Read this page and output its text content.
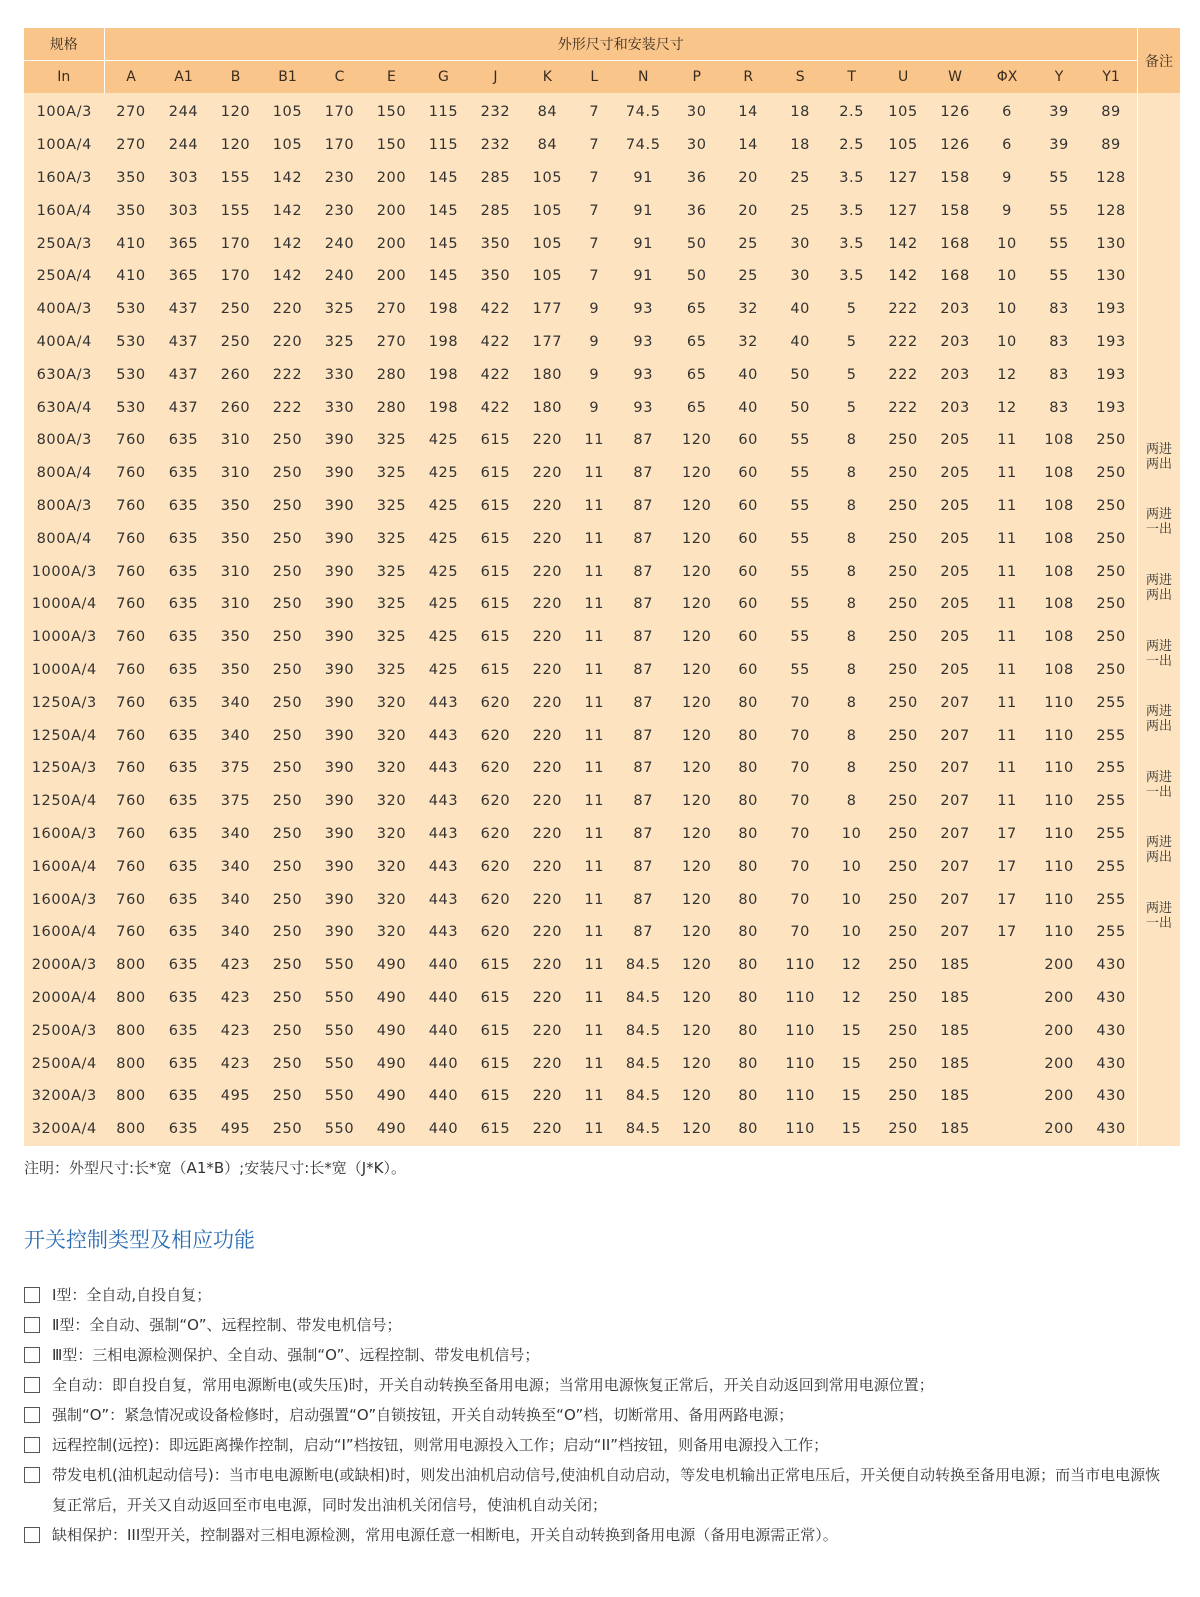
规格	外形尺寸和安装尺寸																				备注
In	A	A1	B	B1	C	E	G	J	K	L	N	P	R	S	T	U	W	ΦX	Y	Y1	
100A/3	270	244	120	105	170	150	115	232	84	7	74.5	30	14	18	2.5	105	126	6	39	89	
100A/4	270	244	120	105	170	150	115	232	84	7	74.5	30	14	18	2.5	105	126	6	39	89	
160A/3	350	303	155	142	230	200	145	285	105	7	91	36	20	25	3.5	127	158	9	55	128	
160A/4	350	303	155	142	230	200	145	285	105	7	91	36	20	25	3.5	127	158	9	55	128	
250A/3	410	365	170	142	240	200	145	350	105	7	91	50	25	30	3.5	142	168	10	55	130	
250A/4	410	365	170	142	240	200	145	350	105	7	91	50	25	30	3.5	142	168	10	55	130	
400A/3	530	437	250	220	325	270	198	422	177	9	93	65	32	40	5	222	203	10	83	193	
400A/4	530	437	250	220	325	270	198	422	177	9	93	65	32	40	5	222	203	10	83	193	
630A/3	530	437	260	222	330	280	198	422	180	9	93	65	40	50	5	222	203	12	83	193	
630A/4	530	437	260	222	330	280	198	422	180	9	93	65	40	50	5	222	203	12	83	193	
800A/3	760	635	310	250	390	325	425	615	220	11	87	120	60	55	8	250	205	11	108	250	两进两出
800A/4	760	635	310	250	390	325	425	615	220	11	87	120	60	55	8	250	205	11	108	250	
800A/3	760	635	350	250	390	325	425	615	220	11	87	120	60	55	8	250	205	11	108	250	两进一出
800A/4	760	635	350	250	390	325	425	615	220	11	87	120	60	55	8	250	205	11	108	250	
1000A/3	760	635	310	250	390	325	425	615	220	11	87	120	60	55	8	250	205	11	108	250	两进两出
1000A/4	760	635	310	250	390	325	425	615	220	11	87	120	60	55	8	250	205	11	108	250	
1000A/3	760	635	350	250	390	325	425	615	220	11	87	120	60	55	8	250	205	11	108	250	两进一出
1000A/4	760	635	350	250	390	325	425	615	220	11	87	120	60	55	8	250	205	11	108	250	
1250A/3	760	635	340	250	390	320	443	620	220	11	87	120	80	70	8	250	207	11	110	255	两进两出
1250A/4	760	635	340	250	390	320	443	620	220	11	87	120	80	70	8	250	207	11	110	255	
1250A/3	760	635	375	250	390	320	443	620	220	11	87	120	80	70	8	250	207	11	110	255	两进一出
1250A/4	760	635	375	250	390	320	443	620	220	11	87	120	80	70	8	250	207	11	110	255	
1600A/3	760	635	340	250	390	320	443	620	220	11	87	120	80	70	10	250	207	17	110	255	两进两出
1600A/4	760	635	340	250	390	320	443	620	220	11	87	120	80	70	10	250	207	17	110	255	
1600A/3	760	635	340	250	390	320	443	620	220	11	87	120	80	70	10	250	207	17	110	255	两进一出
1600A/4	760	635	340	250	390	320	443	620	220	11	87	120	80	70	10	250	207	17	110	255	
2000A/3	800	635	423	250	550	490	440	615	220	11	84.5	120	80	110	12	250	185		200	430	
2000A/4	800	635	423	250	550	490	440	615	220	11	84.5	120	80	110	12	250	185		200	430	
2500A/3	800	635	423	250	550	490	440	615	220	11	84.5	120	80	110	15	250	185		200	430	
2500A/4	800	635	423	250	550	490	440	615	220	11	84.5	120	80	110	15	250	185		200	430	
3200A/3	800	635	495	250	550	490	440	615	220	11	84.5	120	80	110	15	250	185		200	430	
3200A/4	800	635	495	250	550	490	440	615	220	11	84.5	120	80	110	15	250	185		200	430	
注明：外型尺寸:长*宽（A1*B）;安装尺寸:长*宽（J*K）。
开关控制类型及相应功能
Ⅰ型：全自动,自投自复；
Ⅱ型：全自动、强制“O”、远程控制、带发电机信号；
Ⅲ型：三相电源检测保护、全自动、强制“O”、远程控制、带发电机信号；
全自动：即自投自复，常用电源断电(或失压)时，开关自动转换至备用电源；当常用电源恢复正常后，开关自动返回到常用电源位置；
强制“O”：紧急情况或设备检修时，启动强置“O”自锁按钮，开关自动转换至“O”档，切断常用、备用两路电源；
远程控制(远控)：即远距离操作控制，启动“I”档按钮，则常用电源投入工作；启动“II”档按钮，则备用电源投入工作；
带发电机(油机起动信号)：当市电电源断电(或缺相)时，则发出油机启动信号,使油机自动启动，等发电机输出正常电压后，开关便自动转换至备用电源；而当市电电源恢复正常后，开关又自动返回至市电电源，同时发出油机关闭信号，使油机自动关闭；
缺相保护：III型开关，控制器对三相电源检测，常用电源任意一相断电，开关自动转换到备用电源（备用电源需正常）。
